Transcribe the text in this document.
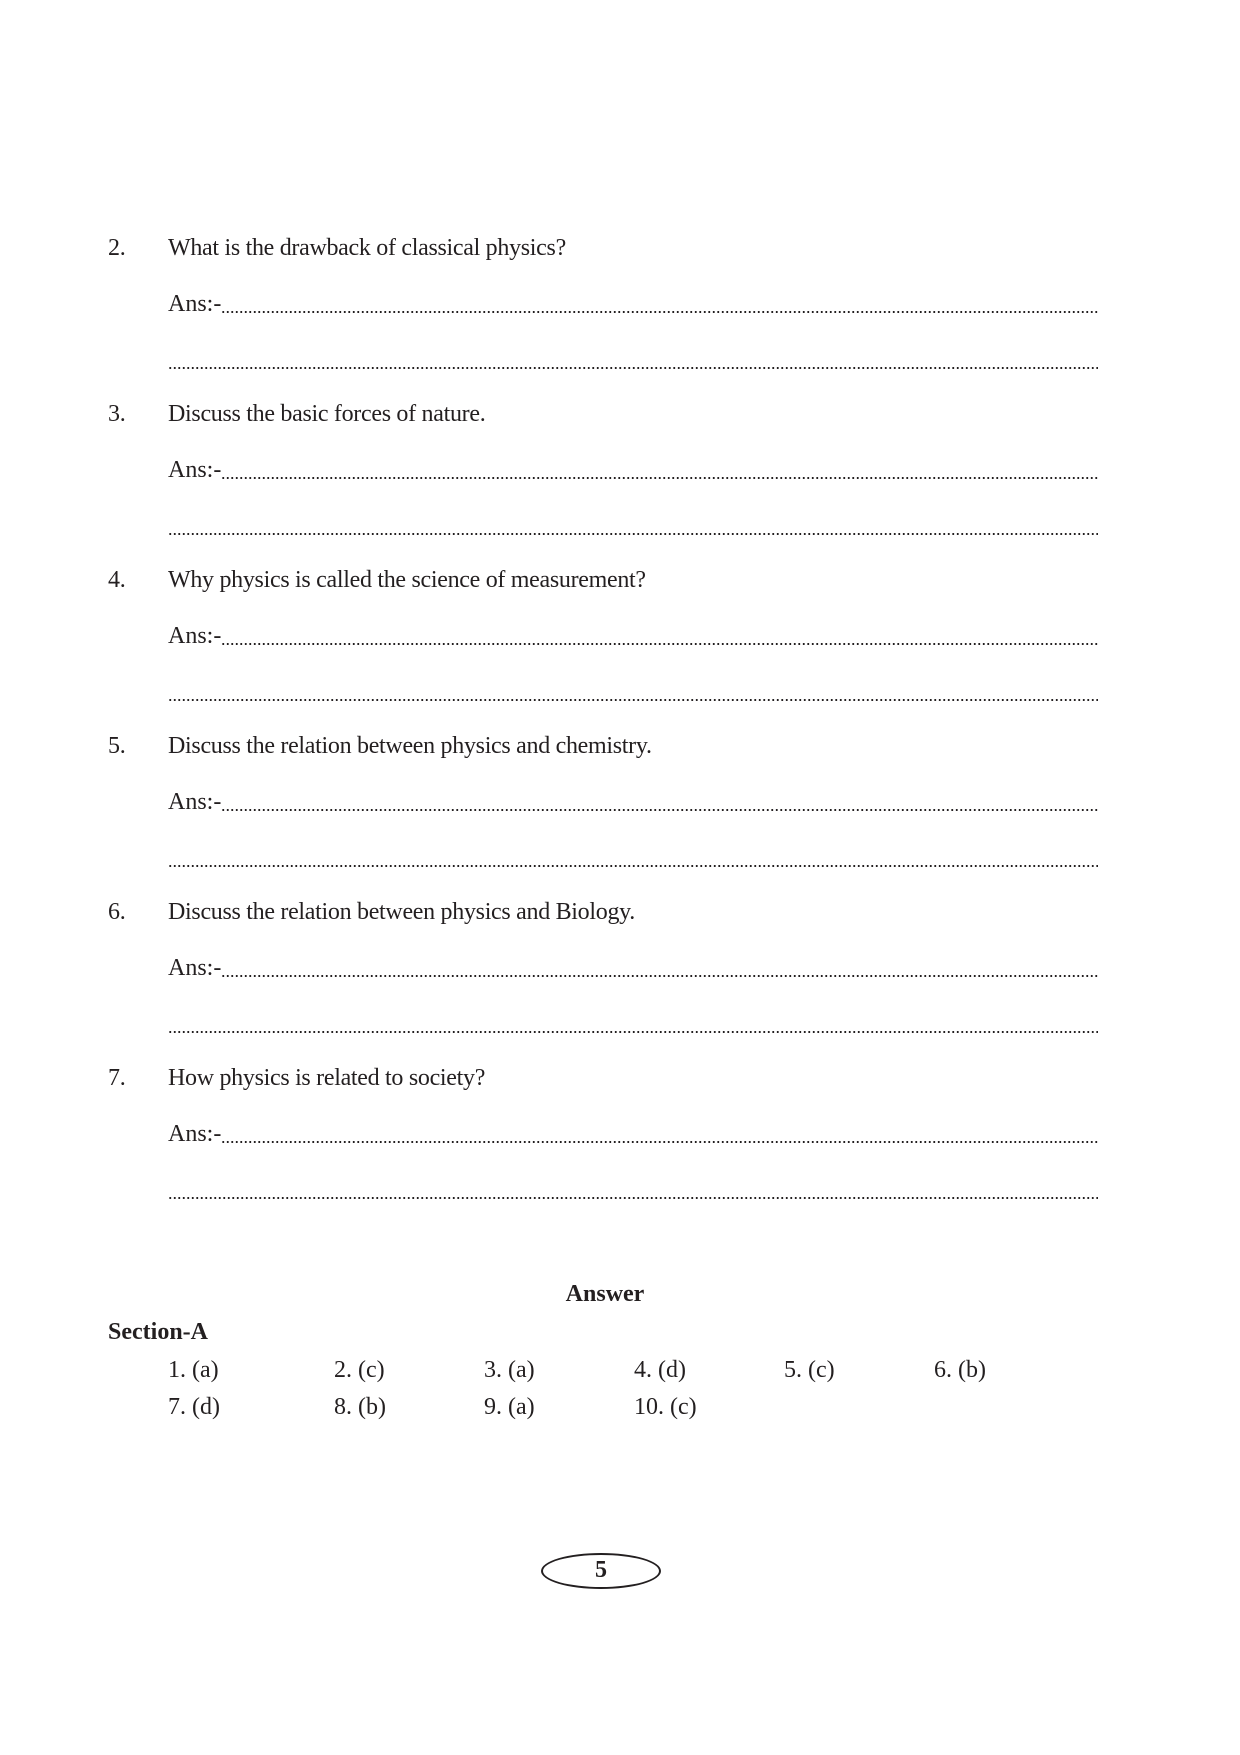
2.	What is the drawback of classical physics?
Ans:-
3.	Discuss the basic forces of nature.
Ans:-
4.	Why physics is called the science of measurement?
Ans:-
5.	Discuss the relation between physics and chemistry.
Ans:-
6.	Discuss the relation between physics and Biology.
Ans:-
7.	How physics is related to society?
Ans:-
Answer
Section-A
1. (a)	2. (c)	3. (a)	4. (d)	5. (c)	6. (b)
7. (d)	8. (b)	9. (a)	10. (c)
5
